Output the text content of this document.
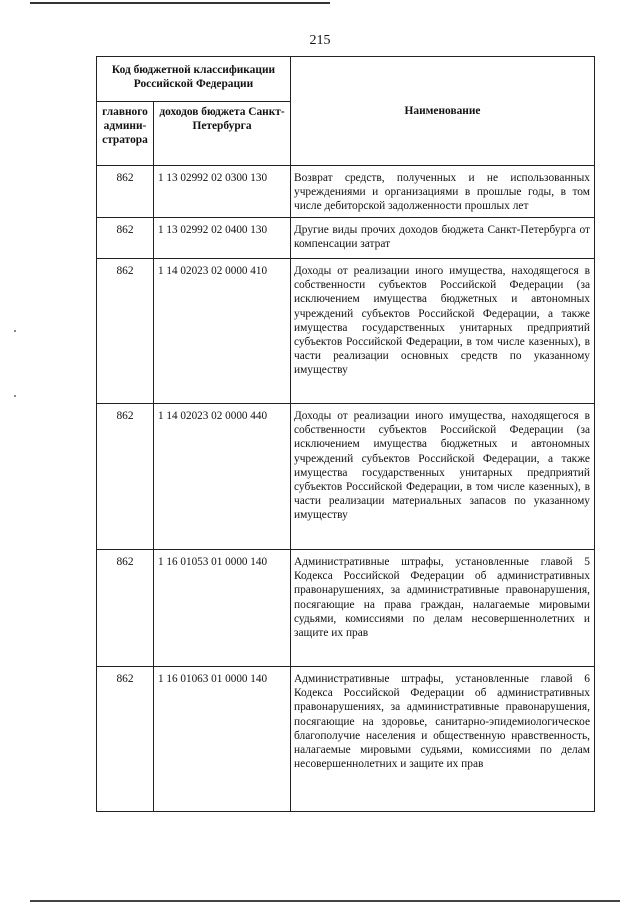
215
Код бюджетной классификации Российской Федерации		Наименование
главного админи-стратора	доходов бюджета Санкт-Петербурга	
862	1 13 02992 02 0300 130	Возврат средств, полученных и не использованных учреждениями и организациями в прошлые годы, в том числе дебиторской задолженности прошлых лет
862	1 13 02992 02 0400 130	Другие виды прочих доходов бюджета Санкт-Петербурга от компенсации затрат
862	1 14 02023 02 0000 410	Доходы от реализации иного имущества, находящегося в собственности субъектов Российской Федерации (за исключением имущества бюджетных и автономных учреждений субъектов Российской Федерации, а также имущества государственных унитарных предприятий субъектов Российской Федерации, в том числе казенных), в части реализации основных средств по указанному имуществу
862	1 14 02023 02 0000 440	Доходы от реализации иного имущества, находящегося в собственности субъектов Российской Федерации (за исключением имущества бюджетных и автономных учреждений субъектов Российской Федерации, а также имущества государственных унитарных предприятий субъектов Российской Федерации, в том числе казенных), в части реализации материальных запасов по указанному имуществу
862	1 16 01053 01 0000 140	Административные штрафы, установленные главой 5 Кодекса Российской Федерации об административных правонарушениях, за административные правонарушения, посягающие на права граждан, налагаемые мировыми судьями, комиссиями по делам несовершеннолетних и защите их прав
862	1 16 01063 01 0000 140	Административные штрафы, установленные главой 6 Кодекса Российской Федерации об административных правонарушениях, за административные правонарушения, посягающие на здоровье, санитарно-эпидемиологическое благополучие населения и общественную нравственность, налагаемые мировыми судьями, комиссиями по делам несовершеннолетних и защите их прав
